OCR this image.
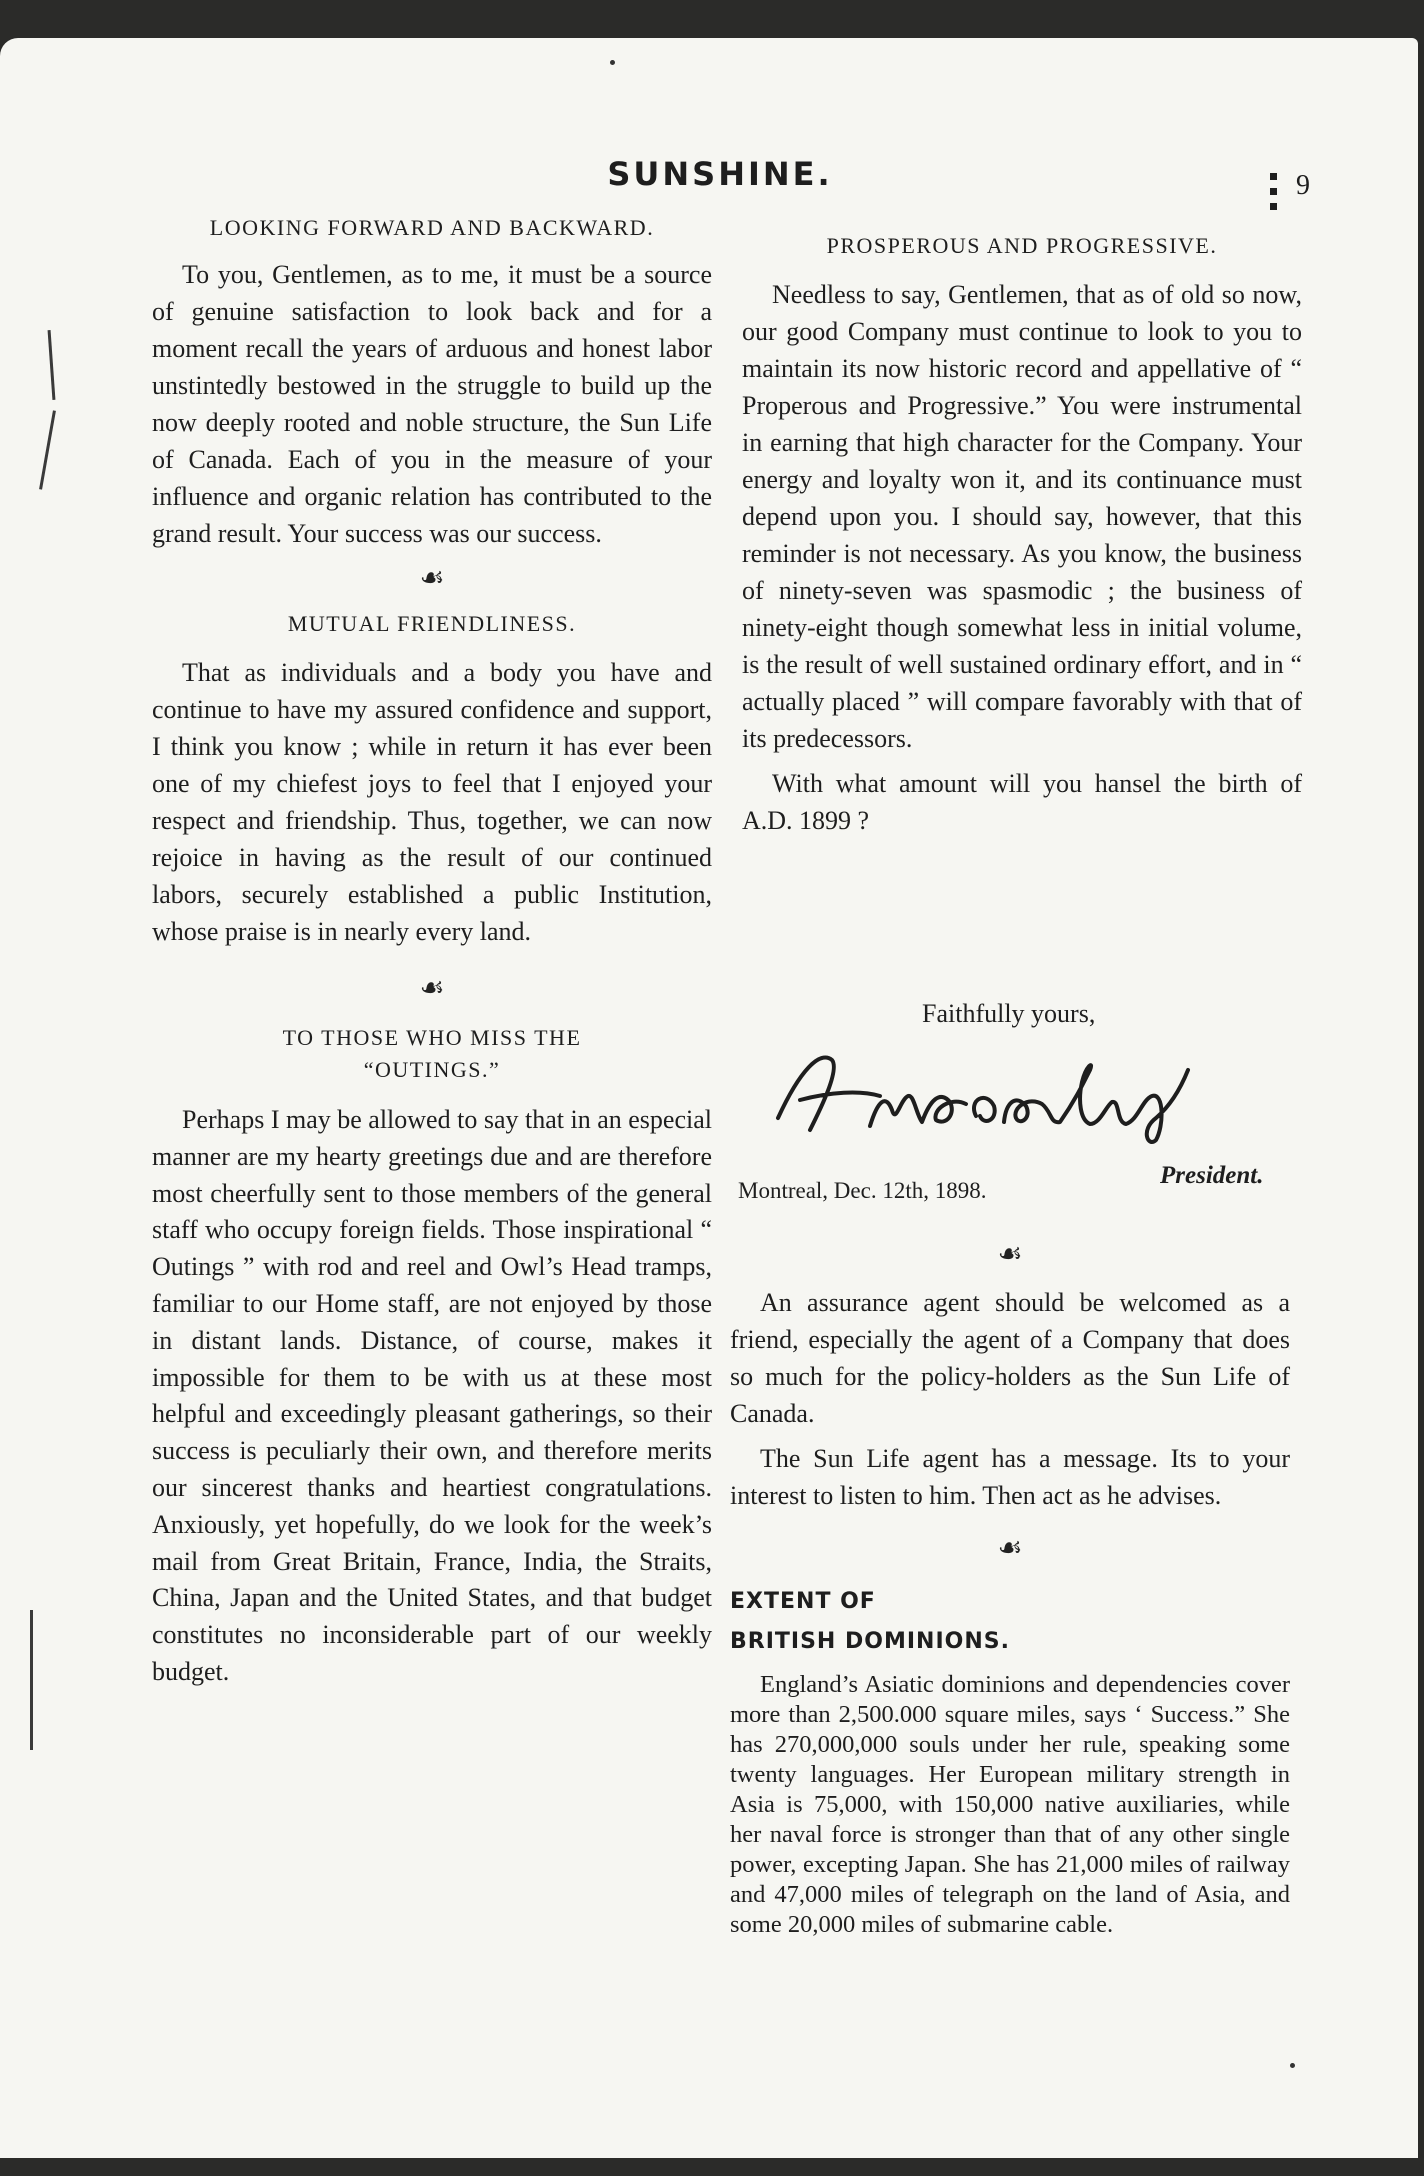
SUNSHINE.	9
LOOKING FORWARD AND BACKWARD.

To you, Gentlemen, as to me, it must be a source of genuine satisfaction to look back and for a moment recall the years of arduous and honest labor unstintedly bestowed in the struggle to build up the now deeply rooted and noble structure, the Sun Life of Canada. Each of you in the measure of your influence and organic relation has contributed to the grand result. Your success was our success.

☙
MUTUAL FRIENDLINESS.

That as individuals and a body you have and continue to have my assured confidence and support, I think you know ; while in return it has ever been one of my chiefest joys to feel that I enjoyed your respect and friendship. Thus, together, we can now rejoice in having as the result of our continued labors, securely established a public Institution, whose praise is in nearly every land.

☙
TO THOSE WHO MISS THE
“OUTINGS.”

Perhaps I may be allowed to say that in an especial manner are my hearty greetings due and are therefore most cheerfully sent to those members of the general staff who occupy foreign fields. Those inspirational “ Outings ” with rod and reel and Owl’s Head tramps, familiar to our Home staff, are not enjoyed by those in distant lands. Distance, of course, makes it impossible for them to be with us at these most helpful and exceedingly pleasant gatherings, so their success is peculiarly their own, and therefore merits our sincerest thanks and heartiest congratulations. Anxiously, yet hopefully, do we look for the week’s mail from Great Britain, France, India, the Straits, China, Japan and the United States, and that budget constitutes no inconsiderable part of our weekly budget.

PROSPEROUS AND PROGRESSIVE.

Needless to say, Gentlemen, that as of old so now, our good Company must continue to look to you to maintain its now historic record and appellative of “ Properous and Progressive.” You were instrumental in earning that high character for the Company. Your energy and loyalty won it, and its continuance must depend upon you. I should say, however, that this reminder is not necessary. As you know, the business of ninety-seven was spasmodic ; the business of ninety-eight though somewhat less in initial volume, is the result of well sustained ordinary effort, and in “ actually placed ” will compare favorably with that of its predecessors.

With what amount will you hansel the birth of A.D. 1899 ?

Faithfully yours,
President.
Montreal, Dec. 12th, 1898.
☙

An assurance agent should be welcomed as a friend, especially the agent of a Company that does so much for the policy-holders as the Sun Life of Canada.

The Sun Life agent has a message. Its to your interest to listen to him. Then act as he advises.

☙
EXTENT OF
BRITISH DOMINIONS.

England’s Asiatic dominions and dependencies cover more than 2,500.000 square miles, says ‘ Success.” She has 270,000,000 souls under her rule, speaking some twenty languages. Her European military strength in Asia is 75,000, with 150,000 native auxiliaries, while her naval force is stronger than that of any other single power, excepting Japan. She has 21,000 miles of railway and 47,000 miles of telegraph on the land of Asia, and some 20,000 miles of submarine cable.
